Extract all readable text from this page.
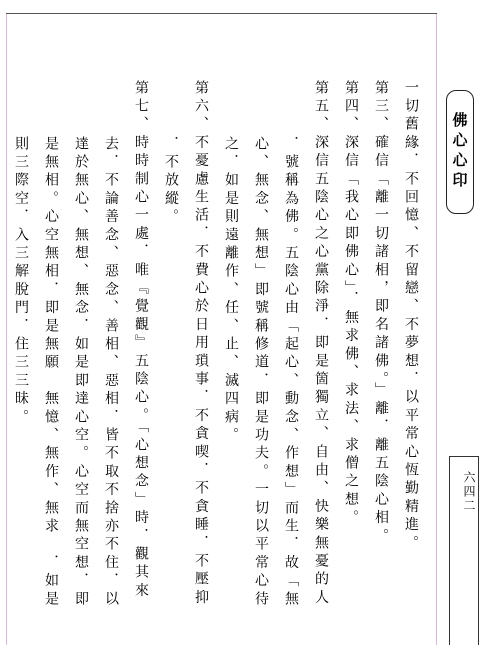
一切舊緣．不回憶、不留戀、不夢想．以平常心恆勤精進。
第三、確信「離一切諸相，即名諸佛。」離．離五陰心相。
第四、深信「我心即佛心」．無求佛、求法、求僧之想。
第五、深信五陰心之心黨除淨．即是箇獨立、自由、快樂無憂的人
．號稱為佛。五陰心由「起心、動念、作想」而生．故「無
心、無念、無想」即號稱修道．即是功夫。一切以平常心待
之．如是則遠離作、任、止、滅四病。
第六、不憂慮生活．不費心於日用瑣事．不貪喫．不貪睡．不壓抑
．不放縱。
第七、時時制心一處．唯『覺觀』五陰心。「心想念」時．觀其來
去．不論善念、惡念、善相、惡相．皆不取不捨亦不住．以
達於無心、無想、無念．如是即達心空。心空而無空想．即
是無相。心空無相．即是無願　無憶、無作、無求　．如是
則三際空．入三解脫門．住三三昧。	佛心心印
六四二
